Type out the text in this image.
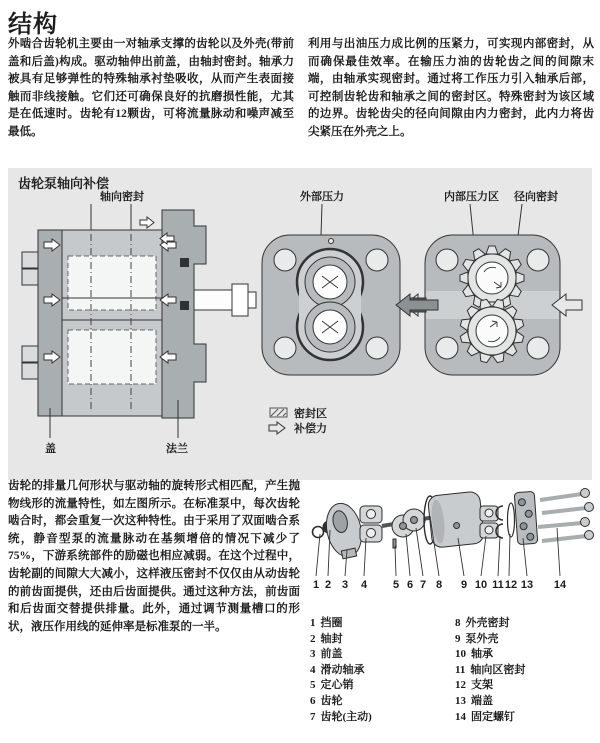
结构

外啮合齿轮机主要由一对轴承支撑的齿轮以及外壳(带前盖和后盖)构成。驱动轴伸出前盖，由轴封密封。轴承力被具有足够弹性的特殊轴承衬垫吸收，从而产生表面接触而非线接触。它们还可确保良好的抗磨损性能，尤其是在低速时。齿轮有12颗齿，可将流量脉动和噪声减至最低。

利用与出油压力成比例的压紧力，可实现内部密封，从而确保最佳效率。在输压力油的齿轮齿之间的间隙末端，由轴承实现密封。通过将工作压力引入轴承后部，可控制齿轮齿和轴承之间的密封区。特殊密封为该区域的边界。齿轮齿尖的径向间隙由内力密封，此内力将齿尖紧压在外壳之上。

齿轮泵轴向补偿
轴向密封
盖	法兰
外部压力	内部压力区 径向密封
密封区
补偿力

齿轮的排量几何形状与驱动轴的旋转形式相匹配，产生抛物线形的流量特性，如左图所示。在标准泵中，每次齿轮啮合时，都会重复一次这种特性。由于采用了双面啮合系统，静音型泵的流量脉动在基频增倍的情况下减少了75%，下游系统部件的励磁也相应减弱。在这个过程中，齿轮副的间隙大大减小，这样液压密封不仅仅由从动齿轮的前齿面提供，还由后齿面提供。通过这种方法，前齿面和后齿面交替提供排量。此外，通过调节测量槽口的形状，液压作用线的延伸率是标准泵的一半。

1 2 3 4 5 6 7 8 9 10 11 12 13 14
1 挡圈
2 轴封
3 前盖
4 滑动轴承
5 定心销
6 齿轮
7 齿轮(主动)
8 外壳密封
9 泵外壳
10 轴承
11 轴向区密封
12 支架
13 端盖
14 固定螺钉
